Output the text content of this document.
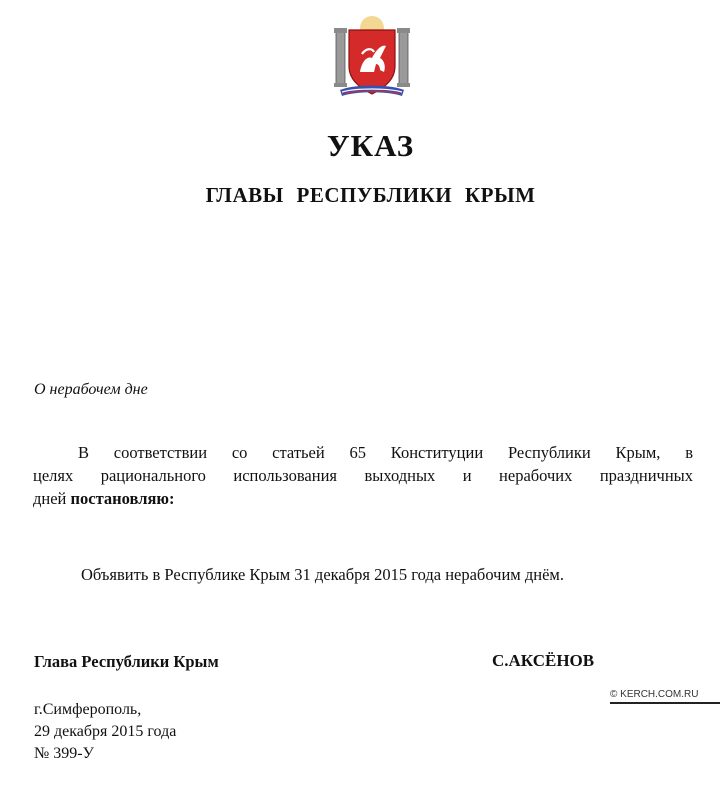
УКАЗ
ГЛАВЫ РЕСПУБЛИКИ КРЫМ
О нерабочем дне
В соответствии со статьей 65 Конституции Республики Крым, в
целях рационального использования выходных и нерабочих праздничных
дней постановляю:
Объявить в Республике Крым 31 декабря 2015 года нерабочим днём.
Глава Республики Крым	С.АКСЁНОВ
г.Симферополь,
29 декабря 2015 года
№ 399-У
© KERCH.COM.RU
